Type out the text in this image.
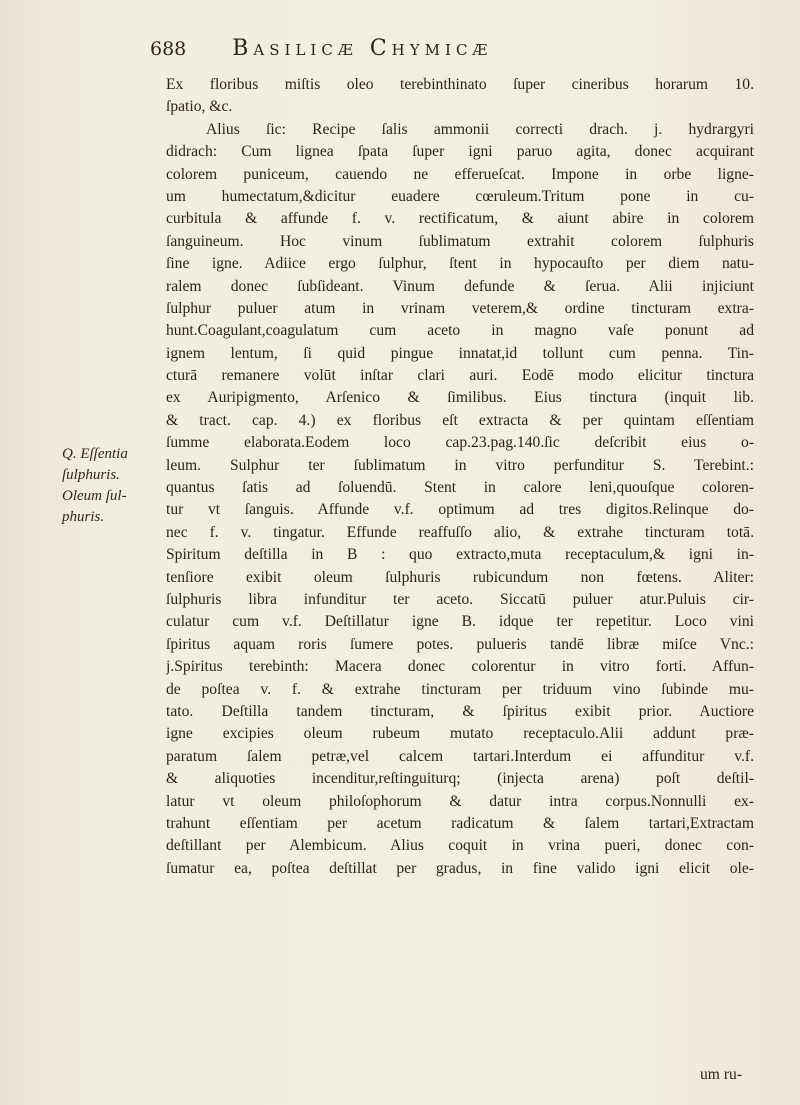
688 Basilicæ Chymicæ
Q. Eſſentia
ſulphuris.
Oleum ſul-
phuris.
Ex floribus miſtis oleo terebinthinato ſuper cineribus horarum 10.
ſpatio, &c.
Alius ſic: Recipe ſalis ammonii correcti drach. j. hydrargyri
didrach: Cum lignea ſpata ſuper igni paruo agita, donec acquirant
colorem puniceum, cauendo ne efferueſcat. Impone in orbe ligne-
um humectatum,&dicitur euadere cœruleum.Tritum pone in cu-
curbitula & affunde f. v. rectificatum, & aiunt abire in colorem
ſanguineum. Hoc vinum ſublimatum extrahit colorem ſulphuris
ſine igne. Adiice ergo ſulphur, ſtent in hypocauſto per diem natu-
ralem donec ſubſideant. Vinum defunde & ſerua. Alii injiciunt
ſulphur puluer atum in vrinam veterem,& ordine tincturam extra-
hunt.Coagulant,coagulatum cum aceto in magno vaſe ponunt ad
ignem lentum, ſi quid pingue innatat,id tollunt cum penna. Tin-
cturā remanere volūt inſtar clari auri. Eodē modo elicitur tinctura
ex Auripigmento, Arſenico & ſimilibus. Eius tinctura (inquit lib.
& tract. cap. 4.) ex floribus eſt extracta & per quintam eſſentiam
ſumme elaborata.Eodem loco cap.23.pag.140.ſic deſcribit eius o-
leum. Sulphur ter ſublimatum in vitro perfunditur S. Terebint.:
quantus ſatis ad ſoluendū. Stent in calore leni,quouſque coloren-
tur vt ſanguis. Affunde v.f. optimum ad tres digitos.Relinque do-
nec f. v. tingatur. Effunde reaffuſſo alio, & extrahe tincturam totā.
Spiritum deſtilla in B : quo extracto,muta receptaculum,& igni in-
tenſiore exibit oleum ſulphuris rubicundum non fœtens. Aliter:
ſulphuris libra infunditur ter aceto. Siccatū puluer atur.Puluis cir-
culatur cum v.f. Deſtillatur igne B. idque ter repetitur. Loco vini
ſpiritus aquam roris ſumere potes. pulueris tandē libræ miſce Vnc.:
j.Spiritus terebinth: Macera donec colorentur in vitro forti. Affun-
de poſtea v. f. & extrahe tincturam per triduum vino ſubinde mu-
tato. Deſtilla tandem tincturam, & ſpiritus exibit prior. Auctiore
igne excipies oleum rubeum mutato receptaculo.Alii addunt præ-
paratum ſalem petræ,vel calcem tartari.Interdum ei affunditur v.f.
& aliquoties incenditur,reſtinguiturq; (injecta arena) poſt deſtil-
latur vt oleum philoſophorum & datur intra corpus.Nonnulli ex-
trahunt eſſentiam per acetum radicatum & ſalem tartari,Extractam
deſtillant per Alembicum. Alius coquit in vrina pueri, donec con-
ſumatur ea, poſtea deſtillat per gradus, in fine valido igni elicit ole-
um ru-
